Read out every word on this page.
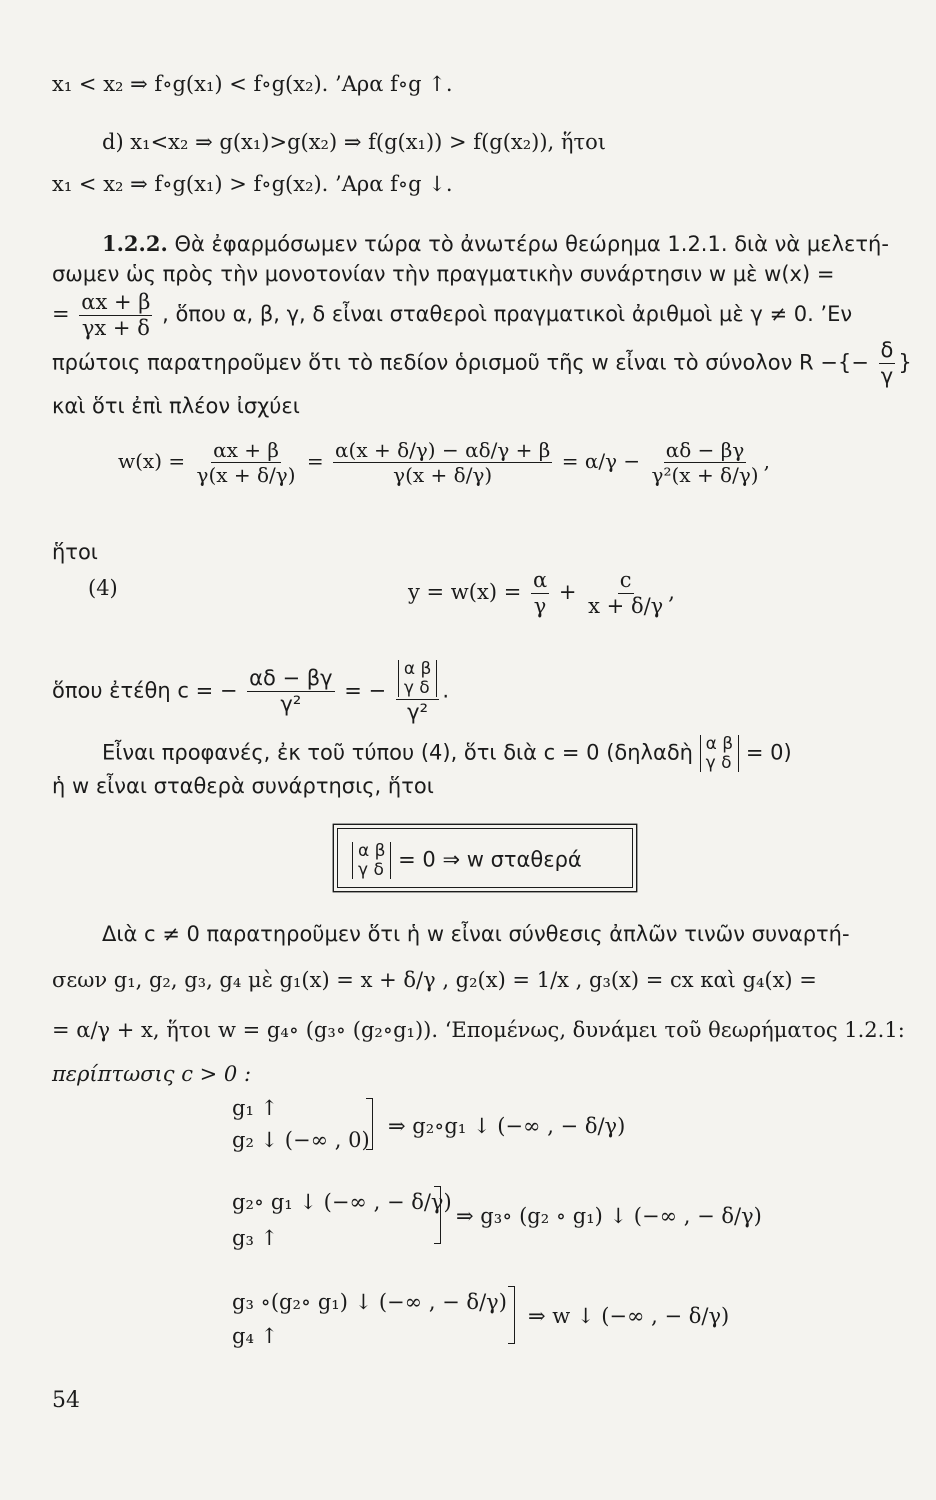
x₁ < x₂ ⇒ f∘g(x₁) < f∘g(x₂). ’Αρα f∘g ↑.
d) x₁<x₂ ⇒ g(x₁)>g(x₂) ⇒ f(g(x₁)) > f(g(x₂)), ἥτοι
x₁ < x₂ ⇒ f∘g(x₁) > f∘g(x₂). ’Αρα f∘g ↓.
1.2.2. Θὰ ἐφαρμόσωμεν τώρα τὸ ἀνωτέρω θεώρημα 1.2.1. διὰ νὰ μελετή-
σωμεν ὡς πρὸς τὴν μονοτονίαν τὴν πραγματικὴν συνάρτησιν w μὲ w(x) =
= $\frac{\alpha x + \beta}{\gamma x + \delta}$ , ὅπου α, β, γ, δ εἶναι σταθεροὶ πραγματικοὶ ἀριθμοὶ μὲ γ ≠ 0. ’Εν
πρώτοις παρατηροῦμεν ὅτι τὸ πεδίον ὁρισμοῦ τῆς w εἶναι τὸ σύνολον R −{− $\frac{\delta}{\gamma}$ }
καὶ ὅτι ἐπὶ πλέον ἰσχύει
$w(x) = \frac{\alpha x + \beta}{\gamma(x + \delta/\gamma)} = \frac{\alpha(x + \delta/\gamma) - \alpha\delta/\gamma + \beta}{\gamma(x + \delta/\gamma)} = \alpha/\gamma - \frac{\alpha\delta - \beta\gamma}{\text{γ²(x + δ/γ)}}$ ,
ἥτοι
(4)	$y = w(x) = \frac{\alpha}{\gamma} + \frac{c}{x + \delta/\gamma}$ ,
ὅπου ἐτέθη c = − $\frac{\alpha\delta - \beta\gamma}{\text{γ²}}$ = − α β
γ δ
γ² .
Εἶναι προφανές, ἐκ τοῦ τύπου (4), ὅτι διὰ c = 0 (δηλαδὴ α β
γ δ = 0)
ἡ w εἶναι σταθερὰ συνάρτησις, ἥτοι
α β
γ δ = 0 ⇒ w σταθερά
Διὰ c ≠ 0 παρατηροῦμεν ὅτι ἡ w εἶναι σύνθεσις ἀπλῶν τινῶν συναρτή-
σεων g₁, g₂, g₃, g₄ μὲ g₁(x) = x + δ/γ , g₂(x) = 1/x , g₃(x) = cx καὶ g₄(x) =
= α/γ + x, ἥτοι w = g₄∘ (g₃∘ (g₂∘g₁)). ‘Επομένως, δυνάμει τοῦ θεωρήματος 1.2.1:
περίπτωσις c > 0 :
g₁ ↑
g₂ ↓ (−∞ , 0)
⇒ g₂∘g₁ ↓ (−∞ , − δ/γ)
g₂∘ g₁ ↓ (−∞ , − δ/γ)
g₃ ↑
⇒ g₃∘ (g₂ ∘ g₁) ↓ (−∞ , − δ/γ)
g₃ ∘(g₂∘ g₁) ↓ (−∞ , − δ/γ)
g₄ ↑
⇒ w ↓ (−∞ , − δ/γ)
54
